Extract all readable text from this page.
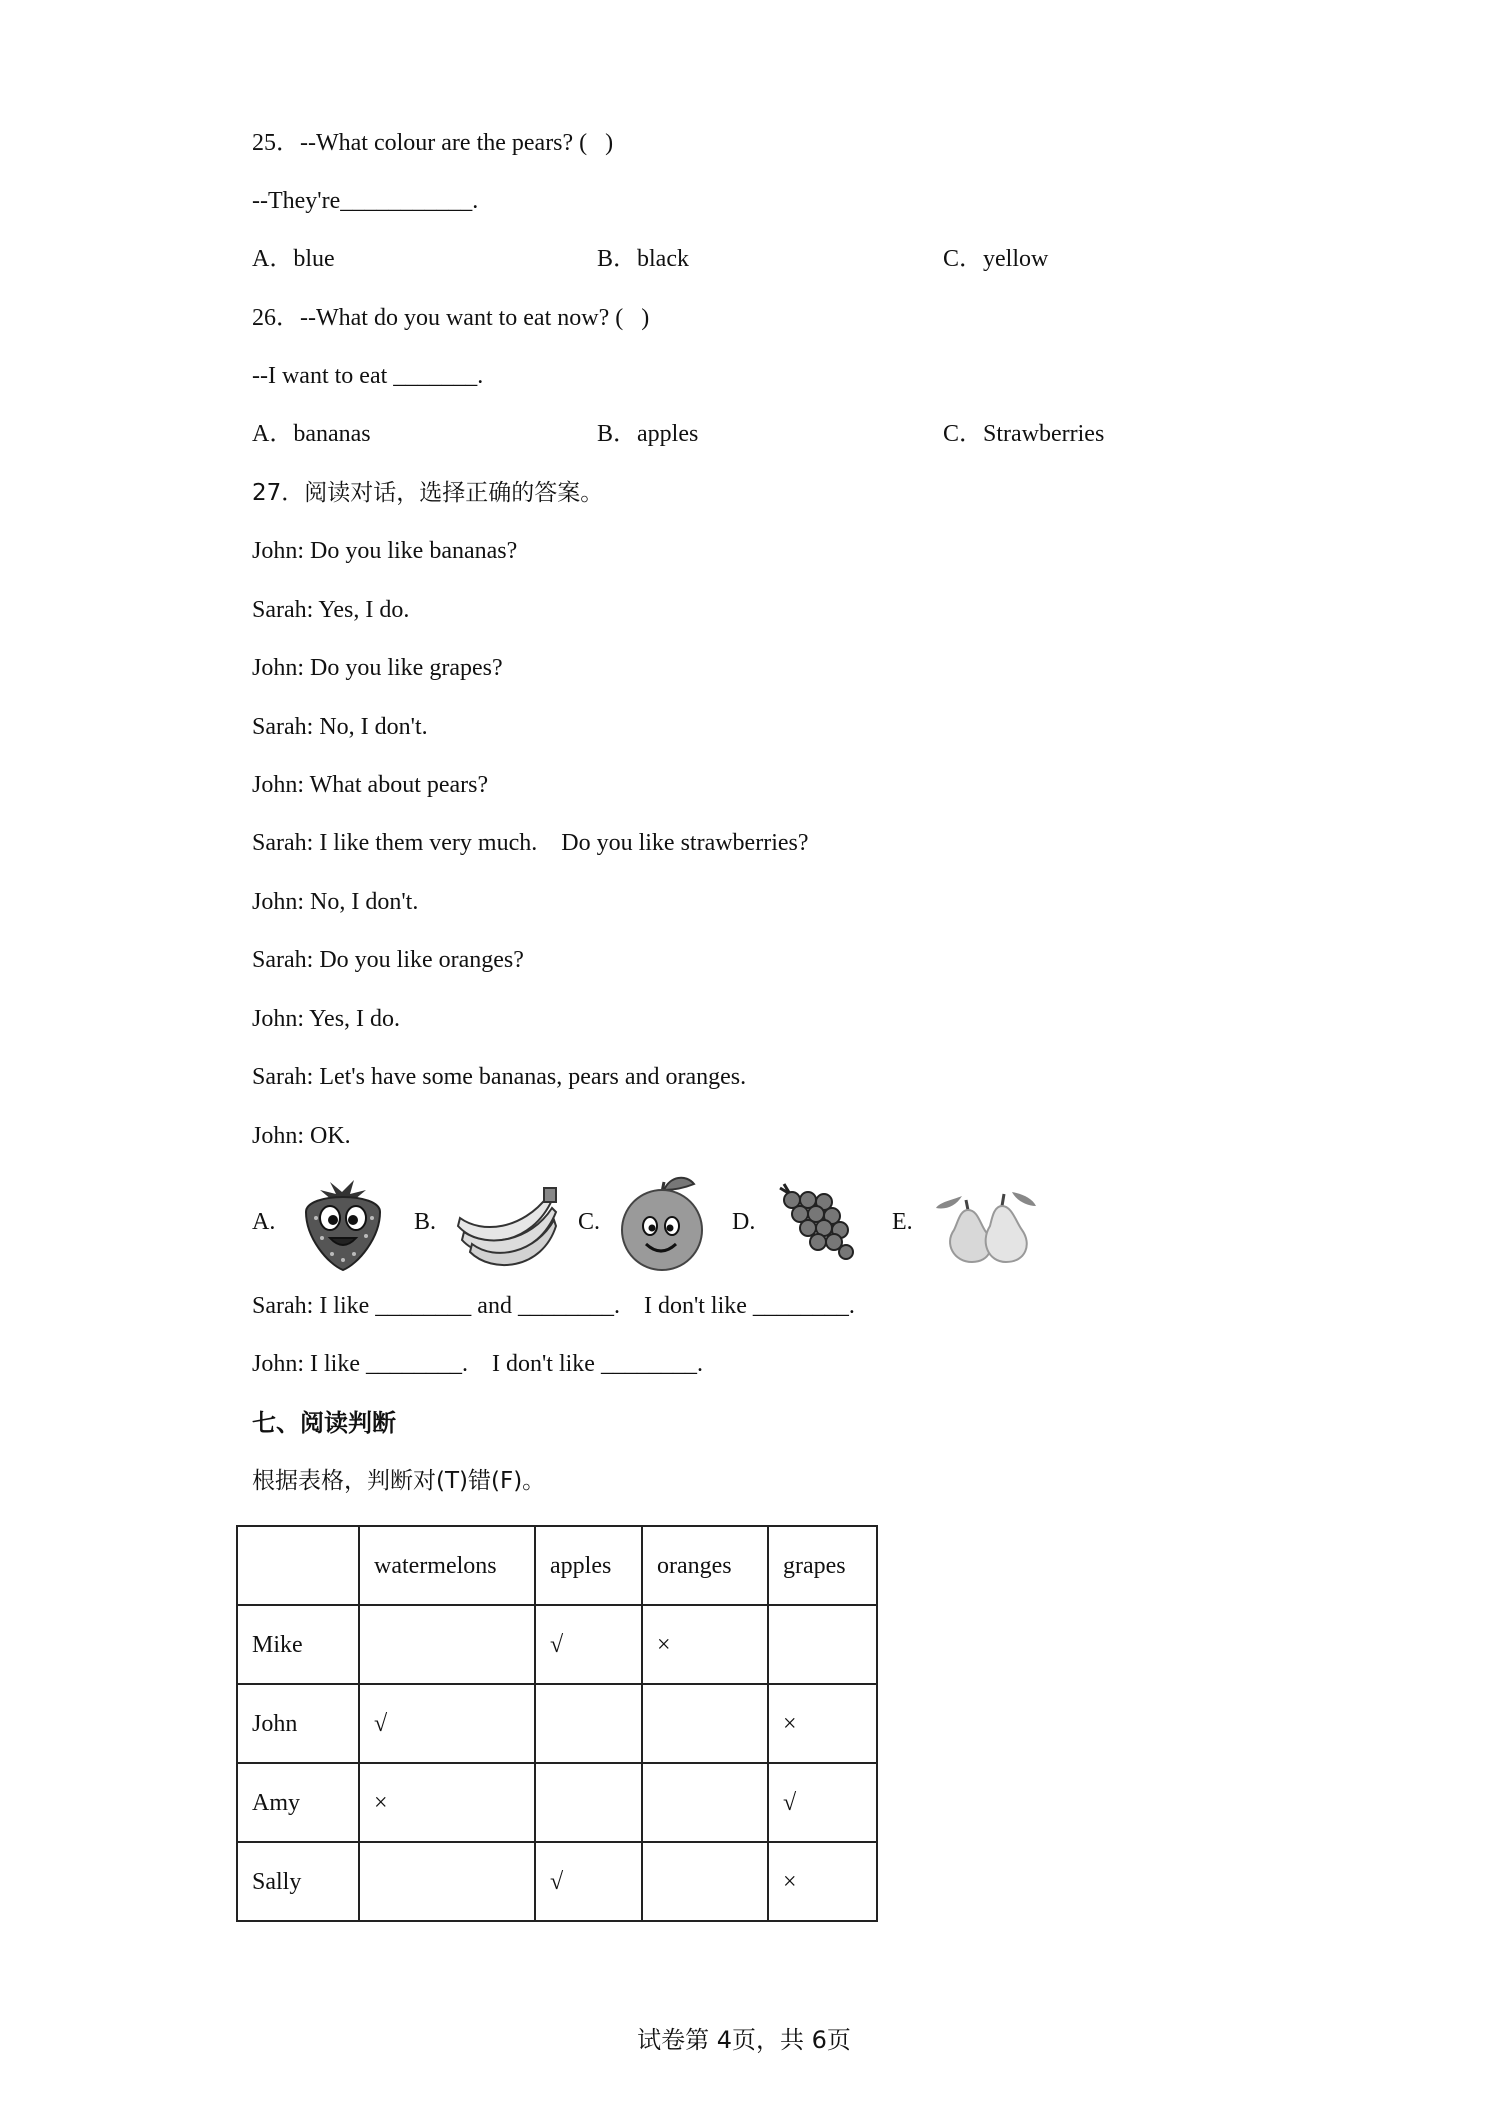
25．--What colour are the pears? (   )
--They're___________.
A．blue	B．black	C．yellow
26．--What do you want to eat now? (   )
--I want to eat _______.
A．bananas	B．apples	C．Strawberries
27．阅读对话，选择正确的答案。
John: Do you like bananas?
Sarah: Yes, I do.
John: Do you like grapes?
Sarah: No, I don't.
John: What about pears?
Sarah: I like them very much.    Do you like strawberries?
John: No, I don't.
Sarah: Do you like oranges?
John: Yes, I do.
Sarah: Let's have some bananas, pears and oranges.
John: OK.
A.	B.	C.	D.	E.
Sarah: I like ________ and ________.    I don't like ________.
John: I like ________.    I don't like ________.
七、阅读判断
根据表格，判断对(T)错(F)。
	watermelons	apples	oranges	grapes
Mike		√	×	
John	√			×
Amy	×			√
Sally		√		×
试卷第 4页，共 6页
